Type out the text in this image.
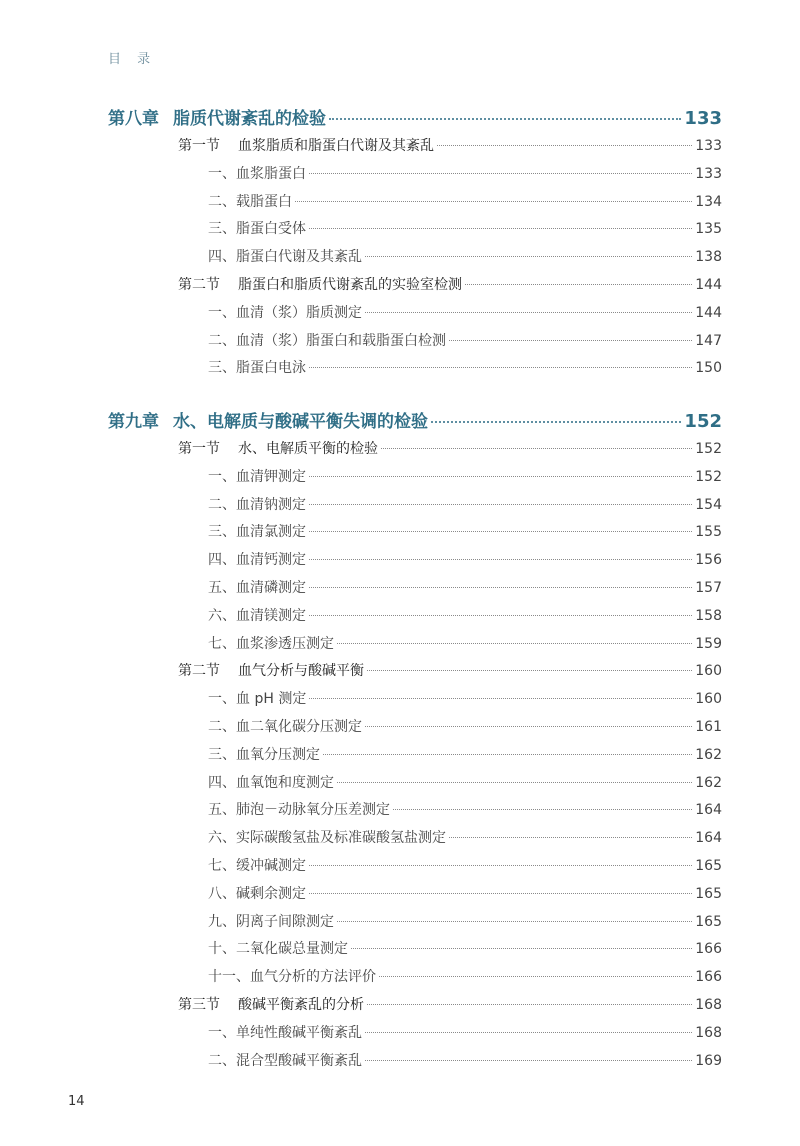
目 录
第八章 脂质代谢紊乱的检验	133
第一节 血浆脂质和脂蛋白代谢及其紊乱	133
一、血浆脂蛋白	133
二、载脂蛋白	134
三、脂蛋白受体	135
四、脂蛋白代谢及其紊乱	138
第二节 脂蛋白和脂质代谢紊乱的实验室检测	144
一、血清（浆）脂质测定	144
二、血清（浆）脂蛋白和载脂蛋白检测	147
三、脂蛋白电泳	150
第九章 水、电解质与酸碱平衡失调的检验	152
第一节 水、电解质平衡的检验	152
一、血清钾测定	152
二、血清钠测定	154
三、血清氯测定	155
四、血清钙测定	156
五、血清磷测定	157
六、血清镁测定	158
七、血浆渗透压测定	159
第二节 血气分析与酸碱平衡	160
一、血 pH 测定	160
二、血二氧化碳分压测定	161
三、血氧分压测定	162
四、血氧饱和度测定	162
五、肺泡－动脉氧分压差测定	164
六、实际碳酸氢盐及标准碳酸氢盐测定	164
七、缓冲碱测定	165
八、碱剩余测定	165
九、阴离子间隙测定	165
十、二氧化碳总量测定	166
十一、血气分析的方法评价	166
第三节 酸碱平衡紊乱的分析	168
一、单纯性酸碱平衡紊乱	168
二、混合型酸碱平衡紊乱	169
14
